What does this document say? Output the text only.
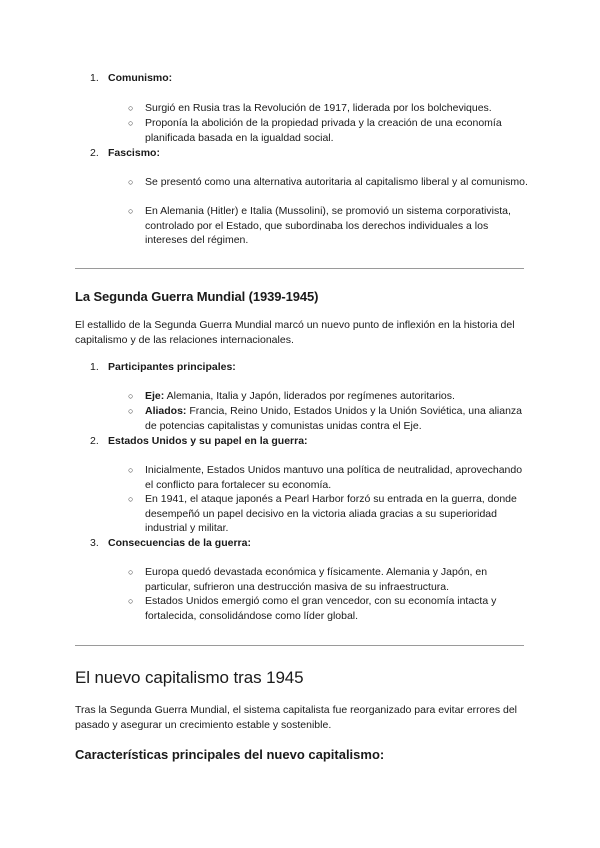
1. Comunismo:
○ Surgió en Rusia tras la Revolución de 1917, liderada por los bolcheviques.
○ Proponía la abolición de la propiedad privada y la creación de una economía planificada basada en la igualdad social.
2. Fascismo:
○ Se presentó como una alternativa autoritaria al capitalismo liberal y al comunismo.
○ En Alemania (Hitler) e Italia (Mussolini), se promovió un sistema corporativista, controlado por el Estado, que subordinaba los derechos individuales a los intereses del régimen.
La Segunda Guerra Mundial (1939-1945)
El estallido de la Segunda Guerra Mundial marcó un nuevo punto de inflexión en la historia del capitalismo y de las relaciones internacionales.
1. Participantes principales:
○ Eje: Alemania, Italia y Japón, liderados por regímenes autoritarios.
○ Aliados: Francia, Reino Unido, Estados Unidos y la Unión Soviética, una alianza de potencias capitalistas y comunistas unidas contra el Eje.
2. Estados Unidos y su papel en la guerra:
○ Inicialmente, Estados Unidos mantuvo una política de neutralidad, aprovechando el conflicto para fortalecer su economía.
○ En 1941, el ataque japonés a Pearl Harbor forzó su entrada en la guerra, donde desempeñó un papel decisivo en la victoria aliada gracias a su superioridad industrial y militar.
3. Consecuencias de la guerra:
○ Europa quedó devastada económica y físicamente. Alemania y Japón, en particular, sufrieron una destrucción masiva de su infraestructura.
○ Estados Unidos emergió como el gran vencedor, con su economía intacta y fortalecida, consolidándose como líder global.
El nuevo capitalismo tras 1945
Tras la Segunda Guerra Mundial, el sistema capitalista fue reorganizado para evitar errores del pasado y asegurar un crecimiento estable y sostenible.
Características principales del nuevo capitalismo:
